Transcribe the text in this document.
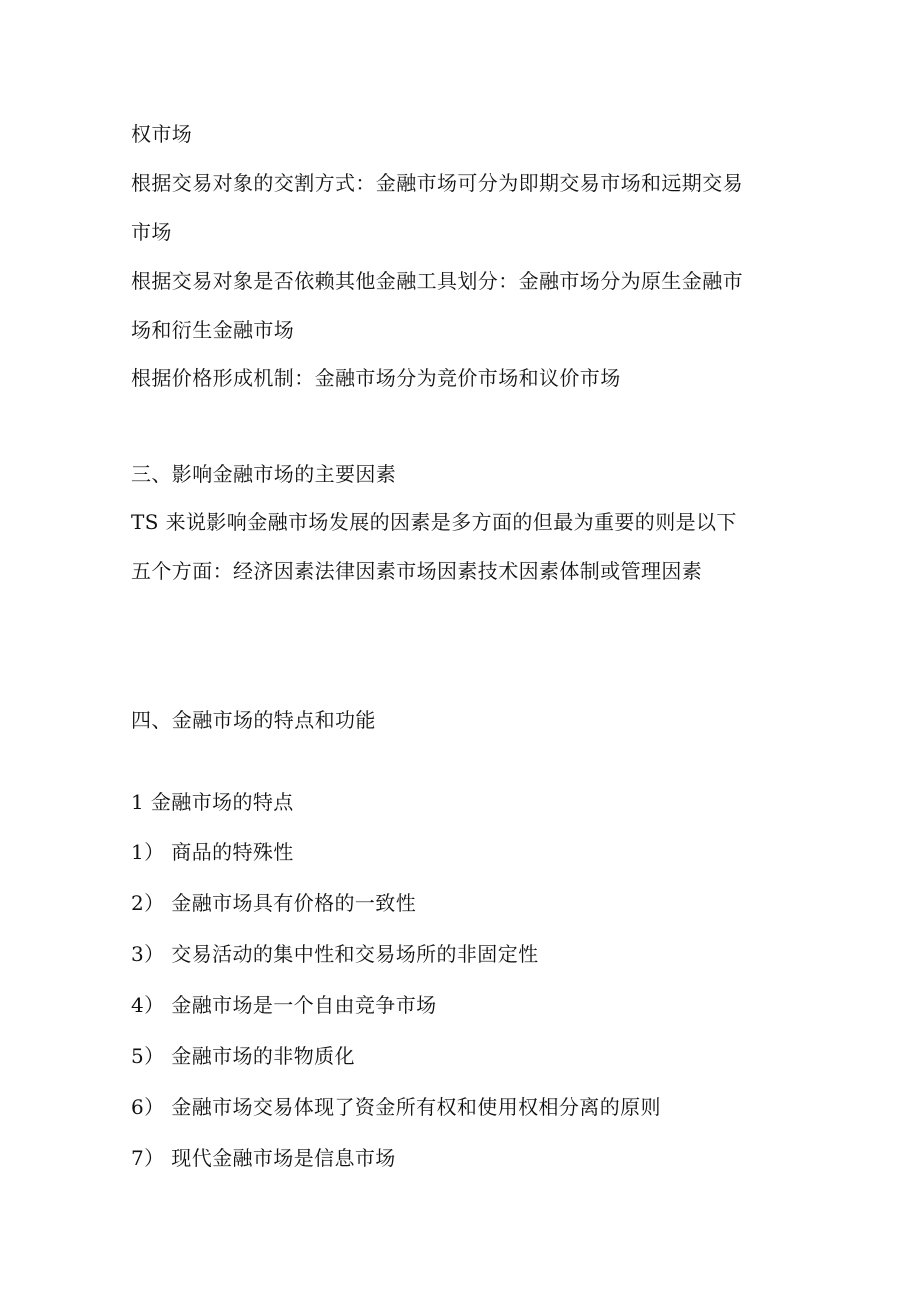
权市场
根据交易对象的交割方式：金融市场可分为即期交易市场和远期交易
市场
根据交易对象是否依赖其他金融工具划分：金融市场分为原生金融市
场和衍生金融市场
根据价格形成机制：金融市场分为竞价市场和议价市场
三、影响金融市场的主要因素
TS 来说影响金融市场发展的因素是多方面的但最为重要的则是以下
五个方面：经济因素法律因素市场因素技术因素体制或管理因素
四、金融市场的特点和功能
1 金融市场的特点
1） 商品的特殊性
2） 金融市场具有价格的一致性
3） 交易活动的集中性和交易场所的非固定性
4） 金融市场是一个自由竞争市场
5） 金融市场的非物质化
6） 金融市场交易体现了资金所有权和使用权相分离的原则
7） 现代金融市场是信息市场
